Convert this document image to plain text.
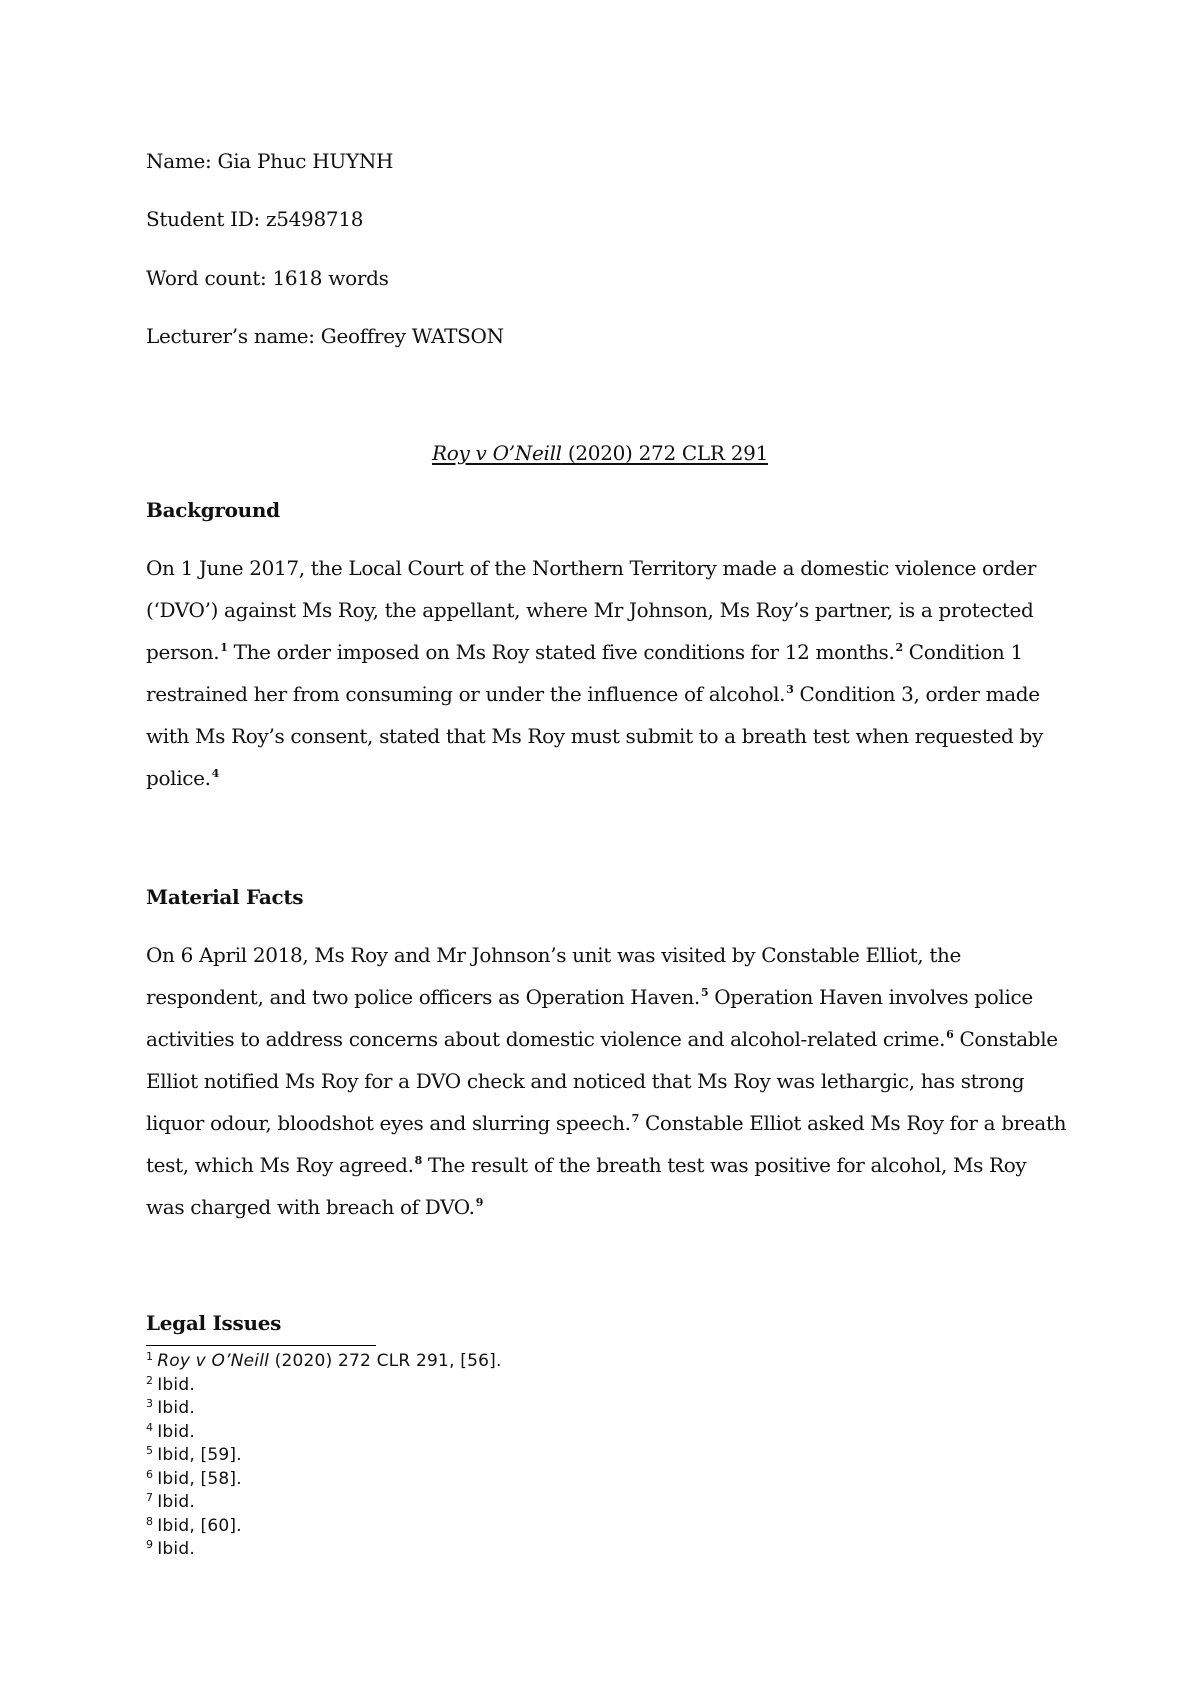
Name: Gia Phuc HUYNH
Student ID: z5498718
Word count: 1618 words
Lecturer’s name: Geoffrey WATSON
Roy v O’Neill (2020) 272 CLR 291
Background
On 1 June 2017, the Local Court of the Northern Territory made a domestic violence order
(‘DVO’) against Ms Roy, the appellant, where Mr Johnson, Ms Roy’s partner, is a protected
person.$^1$ The order imposed on Ms Roy stated five conditions for 12 months.$^2$ Condition 1
restrained her from consuming or under the influence of alcohol.$^3$ Condition 3, order made
with Ms Roy’s consent, stated that Ms Roy must submit to a breath test when requested by
police.$^4$
Material Facts
On 6 April 2018, Ms Roy and Mr Johnson’s unit was visited by Constable Elliot, the
respondent, and two police officers as Operation Haven.$^5$ Operation Haven involves police
activities to address concerns about domestic violence and alcohol-related crime.$^6$ Constable
Elliot notified Ms Roy for a DVO check and noticed that Ms Roy was lethargic, has strong
liquor odour, bloodshot eyes and slurring speech.$^7$ Constable Elliot asked Ms Roy for a breath
test, which Ms Roy agreed.$^8$ The result of the breath test was positive for alcohol, Ms Roy
was charged with breach of DVO.$^9$
Legal Issues
$^1$ Roy v O’Neill (2020) 272 CLR 291, [56].
$^2$ Ibid.
$^3$ Ibid.
$^4$ Ibid.
$^5$ Ibid, [59].
$^6$ Ibid, [58].
$^7$ Ibid.
$^8$ Ibid, [60].
$^9$ Ibid.
